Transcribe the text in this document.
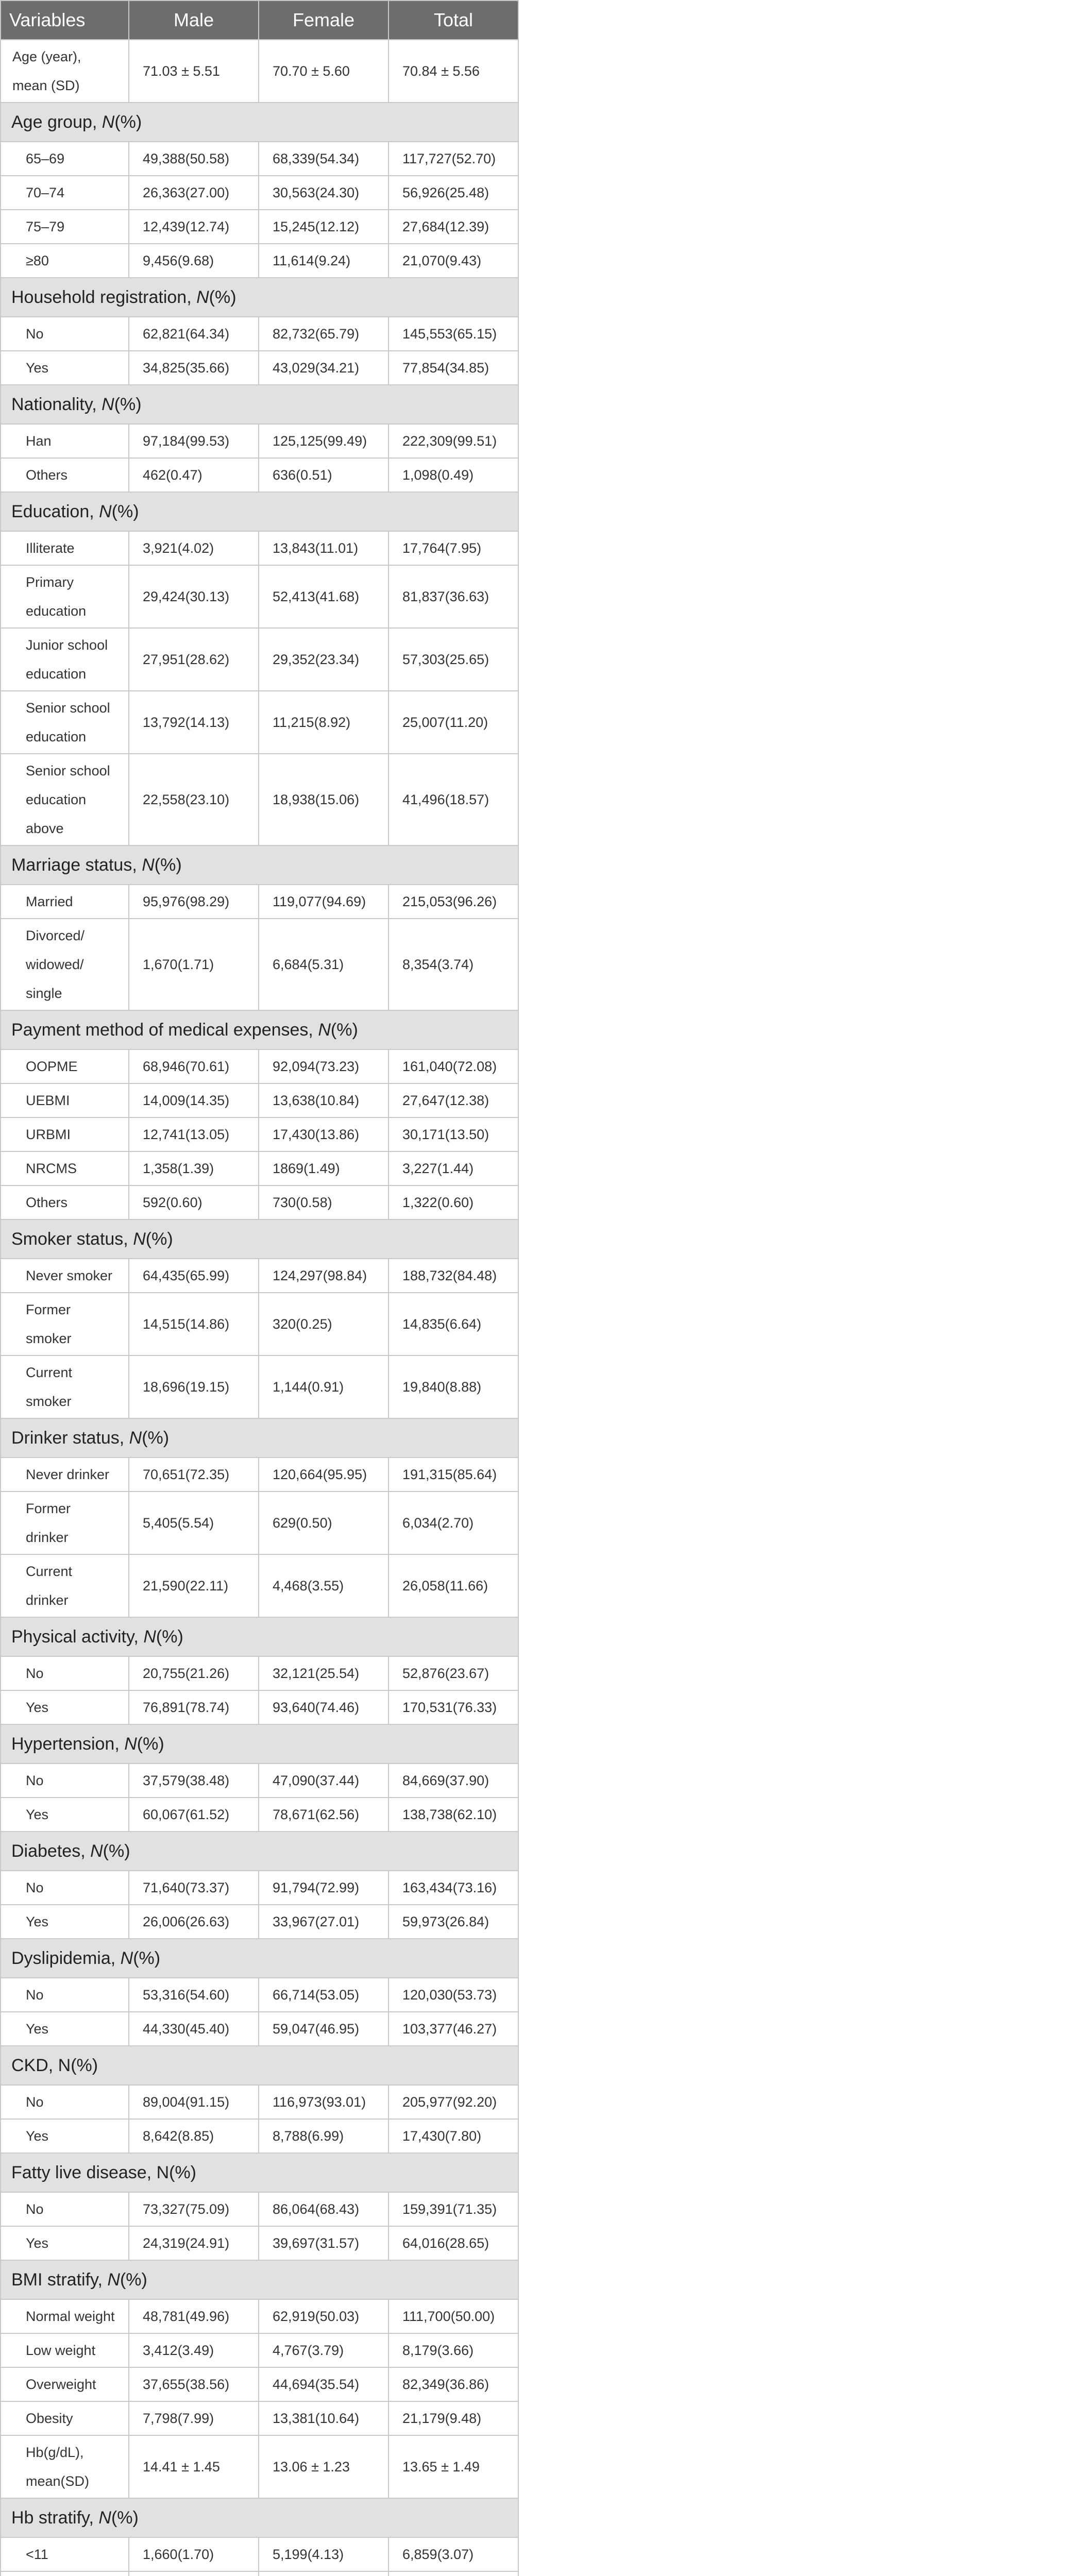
Variables	Male	Female	Total
Age (year), mean (SD)	71.03 ± 5.51	70.70 ± 5.60	70.84 ± 5.56
Age group, N(%)			
65–69	49,388(50.58)	68,339(54.34)	117,727(52.70)
70–74	26,363(27.00)	30,563(24.30)	56,926(25.48)
75–79	12,439(12.74)	15,245(12.12)	27,684(12.39)
≥80	9,456(9.68)	11,614(9.24)	21,070(9.43)
Household registration, N(%)			
No	62,821(64.34)	82,732(65.79)	145,553(65.15)
Yes	34,825(35.66)	43,029(34.21)	77,854(34.85)
Nationality, N(%)			
Han	97,184(99.53)	125,125(99.49)	222,309(99.51)
Others	462(0.47)	636(0.51)	1,098(0.49)
Education, N(%)			
Illiterate	3,921(4.02)	13,843(11.01)	17,764(7.95)
Primary education	29,424(30.13)	52,413(41.68)	81,837(36.63)
Junior school education	27,951(28.62)	29,352(23.34)	57,303(25.65)
Senior school education	13,792(14.13)	11,215(8.92)	25,007(11.20)
Senior school education above	22,558(23.10)	18,938(15.06)	41,496(18.57)
Marriage status, N(%)			
Married	95,976(98.29)	119,077(94.69)	215,053(96.26)
Divorced/ widowed/ single	1,670(1.71)	6,684(5.31)	8,354(3.74)
Payment method of medical expenses, N(%)			
OOPME	68,946(70.61)	92,094(73.23)	161,040(72.08)
UEBMI	14,009(14.35)	13,638(10.84)	27,647(12.38)
URBMI	12,741(13.05)	17,430(13.86)	30,171(13.50)
NRCMS	1,358(1.39)	1869(1.49)	3,227(1.44)
Others	592(0.60)	730(0.58)	1,322(0.60)
Smoker status, N(%)			
Never smoker	64,435(65.99)	124,297(98.84)	188,732(84.48)
Former smoker	14,515(14.86)	320(0.25)	14,835(6.64)
Current smoker	18,696(19.15)	1,144(0.91)	19,840(8.88)
Drinker status, N(%)			
Never drinker	70,651(72.35)	120,664(95.95)	191,315(85.64)
Former drinker	5,405(5.54)	629(0.50)	6,034(2.70)
Current drinker	21,590(22.11)	4,468(3.55)	26,058(11.66)
Physical activity, N(%)			
No	20,755(21.26)	32,121(25.54)	52,876(23.67)
Yes	76,891(78.74)	93,640(74.46)	170,531(76.33)
Hypertension, N(%)			
No	37,579(38.48)	47,090(37.44)	84,669(37.90)
Yes	60,067(61.52)	78,671(62.56)	138,738(62.10)
Diabetes, N(%)			
No	71,640(73.37)	91,794(72.99)	163,434(73.16)
Yes	26,006(26.63)	33,967(27.01)	59,973(26.84)
Dyslipidemia, N(%)			
No	53,316(54.60)	66,714(53.05)	120,030(53.73)
Yes	44,330(45.40)	59,047(46.95)	103,377(46.27)
CKD, N(%)			
No	89,004(91.15)	116,973(93.01)	205,977(92.20)
Yes	8,642(8.85)	8,788(6.99)	17,430(7.80)
Fatty live disease, N(%)			
No	73,327(75.09)	86,064(68.43)	159,391(71.35)
Yes	24,319(24.91)	39,697(31.57)	64,016(28.65)
BMI stratify, N(%)			
Normal weight	48,781(49.96)	62,919(50.03)	111,700(50.00)
Low weight	3,412(3.49)	4,767(3.79)	8,179(3.66)
Overweight	37,655(38.56)	44,694(35.54)	82,349(36.86)
Obesity	7,798(7.99)	13,381(10.64)	21,179(9.48)
Hb(g/dL), mean(SD)	14.41 ± 1.45	13.06 ± 1.23	13.65 ± 1.49
Hb stratify, N(%)			
<11	1,660(1.70)	5,199(4.13)	6,859(3.07)
